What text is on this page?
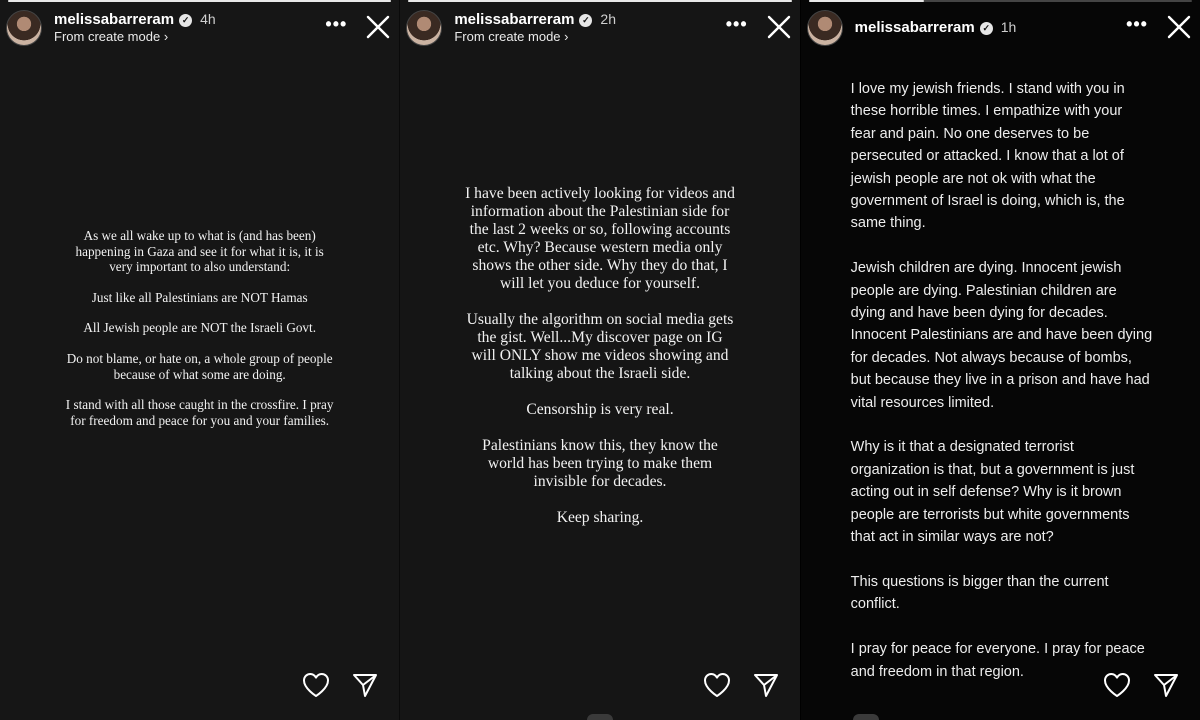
melissabarreram ✓ 4h
From create mode ›
•••

As we all wake up to what is (and has been)
happening in Gaza and see it for what it is, it is
very important to also understand:

Just like all Palestinians are NOT Hamas

All Jewish people are NOT the Israeli Govt.

Do not blame, or hate on, a whole group of people
because of what some are doing.

I stand with all those caught in the crossfire. I pray
for freedom and peace for you and your families.

melissabarreram ✓ 2h
From create mode ›
•••

I have been actively looking for videos and
information about the Palestinian side for
the last 2 weeks or so, following accounts
etc. Why? Because western media only
shows the other side. Why they do that, I
will let you deduce for yourself.

Usually the algorithm on social media gets
the gist. Well...My discover page on IG
will ONLY show me videos showing and
talking about the Israeli side.

Censorship is very real.

Palestinians know this, they know the
world has been trying to make them
invisible for decades.

Keep sharing.

melissabarreram ✓ 1h	•••

I love my jewish friends. I stand with you in
these horrible times. I empathize with your
fear and pain. No one deserves to be
persecuted or attacked. I know that a lot of
jewish people are not ok with what the
government of Israel is doing, which is, the
same thing.

Jewish children are dying. Innocent jewish
people are dying. Palestinian children are
dying and have been dying for decades.
Innocent Palestinians are and have been dying
for decades. Not always because of bombs,
but because they live in a prison and have had
vital resources limited.

Why is it that a designated terrorist
organization is that, but a government is just
acting out in self defense? Why is it brown
people are terrorists but white governments
that act in similar ways are not?

This questions is bigger than the current
conflict.

I pray for peace for everyone. I pray for peace
and freedom in that region.
